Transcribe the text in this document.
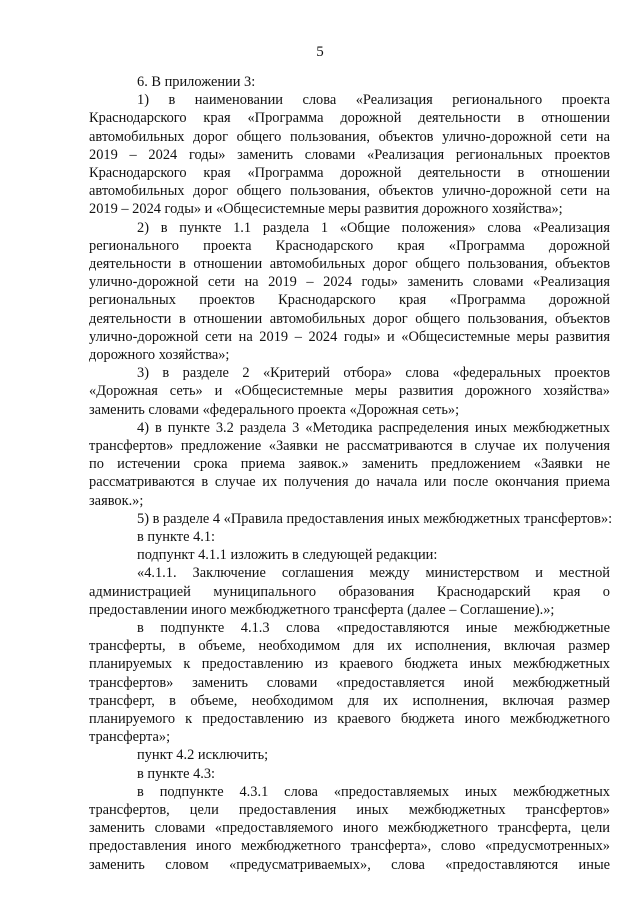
5
6. В приложении 3:
1) в наименовании слова «Реализация регионального проекта
Краснодарского края «Программа дорожной деятельности в отношении
автомобильных дорог общего пользования, объектов улично-дорожной сети на
2019 – 2024 годы» заменить словами «Реализация региональных проектов
Краснодарского края «Программа дорожной деятельности в отношении
автомобильных дорог общего пользования, объектов улично-дорожной сети на
2019 – 2024 годы» и «Общесистемные меры развития дорожного хозяйства»;
2) в пункте 1.1 раздела 1 «Общие положения» слова «Реализация
регионального проекта Краснодарского края «Программа дорожной
деятельности в отношении автомобильных дорог общего пользования, объектов
улично-дорожной сети на 2019 – 2024 годы» заменить словами «Реализация
региональных проектов Краснодарского края «Программа дорожной
деятельности в отношении автомобильных дорог общего пользования, объектов
улично-дорожной сети на 2019 – 2024 годы» и «Общесистемные меры развития
дорожного хозяйства»;
3) в разделе 2 «Критерий отбора» слова «федеральных проектов
«Дорожная сеть» и «Общесистемные меры развития дорожного хозяйства»
заменить словами «федерального проекта «Дорожная сеть»;
4) в пункте 3.2 раздела 3 «Методика распределения иных межбюджетных
трансфертов» предложение «Заявки не рассматриваются в случае их получения
по истечении срока приема заявок.» заменить предложением «Заявки не
рассматриваются в случае их получения до начала или после окончания приема
заявок.»;
5) в разделе 4 «Правила предоставления иных межбюджетных трансфертов»:
в пункте 4.1:
подпункт 4.1.1 изложить в следующей редакции:
«4.1.1. Заключение соглашения между министерством и местной
администрацией муниципального образования Краснодарский края о
предоставлении иного межбюджетного трансферта (далее – Соглашение).»;
в подпункте 4.1.3 слова «предоставляются иные межбюджетные
трансферты, в объеме, необходимом для их исполнения, включая размер
планируемых к предоставлению из краевого бюджета иных межбюджетных
трансфертов» заменить словами «предоставляется иной межбюджетный
трансферт, в объеме, необходимом для их исполнения, включая размер
планируемого к предоставлению из краевого бюджета иного межбюджетного
трансферта»;
пункт 4.2 исключить;
в пункте 4.3:
в подпункте 4.3.1 слова «предоставляемых иных межбюджетных
трансфертов, цели предоставления иных межбюджетных трансфертов»
заменить словами «предоставляемого иного межбюджетного трансферта, цели
предоставления иного межбюджетного трансферта», слово «предусмотренных»
заменить словом «предусматриваемых», слова «предоставляются иные
